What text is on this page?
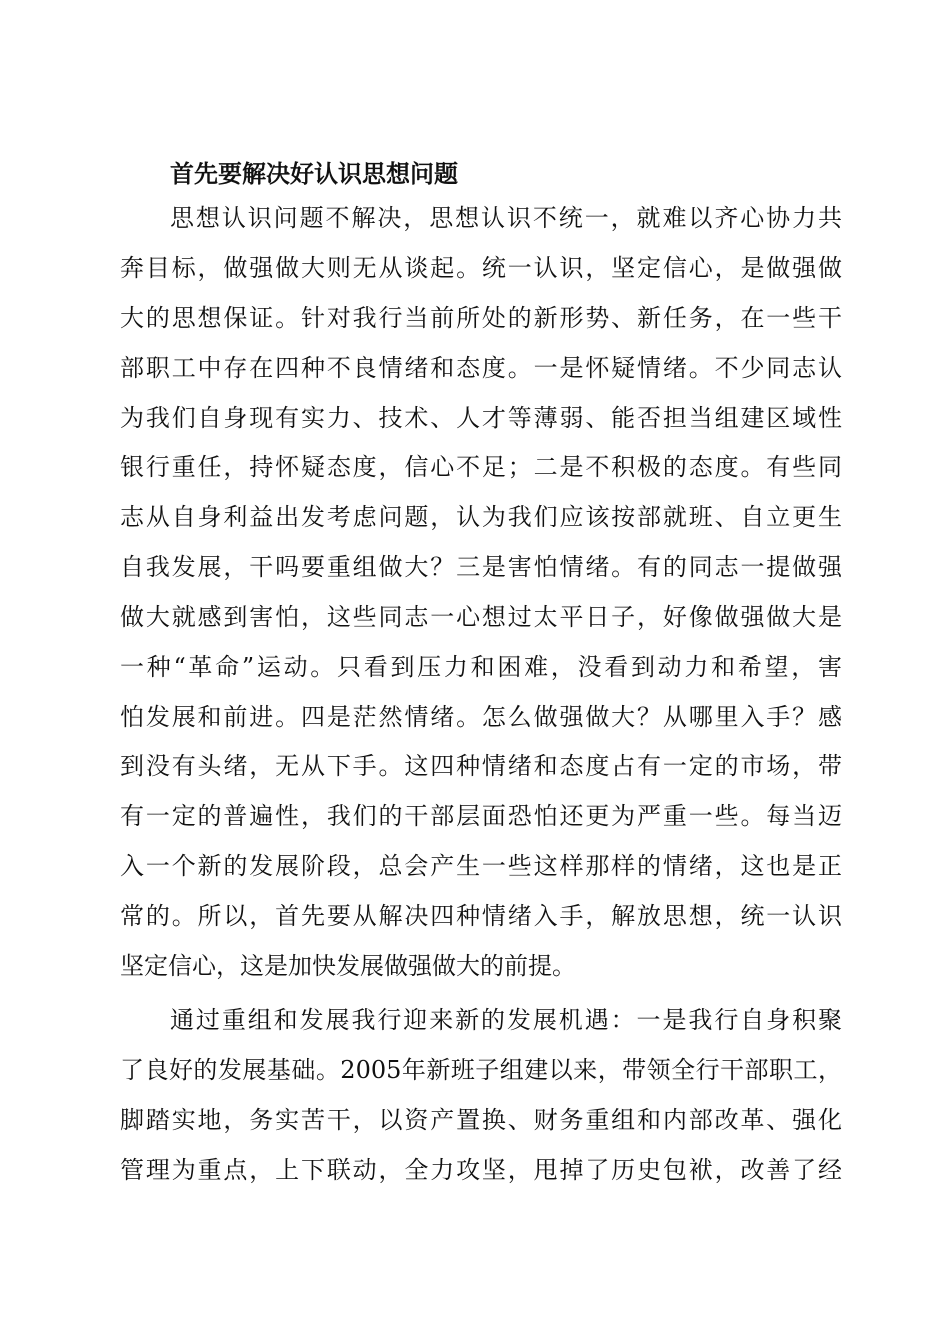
首先要解决好认识思想问题
思想认识问题不解决，思想认识不统一，就难以齐心协力共
奔目标，做强做大则无从谈起。统一认识，坚定信心，是做强做
大的思想保证。针对我行当前所处的新形势、新任务，在一些干
部职工中存在四种不良情绪和态度。一是怀疑情绪。不少同志认
为我们自身现有实力、技术、人才等薄弱、能否担当组建区域性
银行重任，持怀疑态度，信心不足；二是不积极的态度。有些同
志从自身利益出发考虑问题，认为我们应该按部就班、自立更生
自我发展，干吗要重组做大？三是害怕情绪。有的同志一提做强
做大就感到害怕，这些同志一心想过太平日子，好像做强做大是
一种“革命”运动。只看到压力和困难，没看到动力和希望，害
怕发展和前进。四是茫然情绪。怎么做强做大？从哪里入手？感
到没有头绪，无从下手。这四种情绪和态度占有一定的市场，带
有一定的普遍性，我们的干部层面恐怕还更为严重一些。每当迈
入一个新的发展阶段，总会产生一些这样那样的情绪，这也是正
常的。所以，首先要从解决四种情绪入手，解放思想，统一认识
坚定信心，这是加快发展做强做大的前提。
通过重组和发展我行迎来新的发展机遇：一是我行自身积聚
了良好的发展基础。2005年新班子组建以来，带领全行干部职工，
脚踏实地，务实苦干，以资产置换、财务重组和内部改革、强化
管理为重点，上下联动，全力攻坚，甩掉了历史包袱，改善了经
